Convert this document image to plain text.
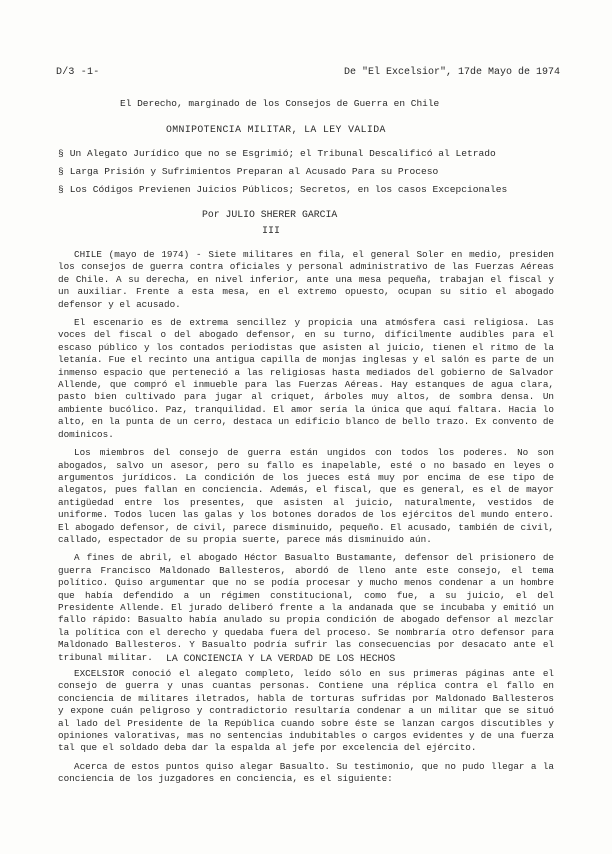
D/3 -1-	De "El Excelsior", 17de Mayo de 1974
El Derecho, marginado de los Consejos de Guerra en Chile
OMNIPOTENCIA MILITAR, LA LEY VALIDA
§ Un Alegato Jurídico que no se Esgrimió; el Tribunal Descalificó al Letrado
§ Larga Prisión y Sufrimientos Preparan al Acusado Para su Proceso
§ Los Códigos Previenen Juicios Públicos; Secretos, en los casos Excepcionales
Por JULIO SHERER GARCIA
III

CHILE (mayo de 1974) - Siete militares en fila, el general Soler en medio, presiden los consejos de guerra contra oficiales y personal administrativo de las Fuerzas Aéreas de Chile. A su derecha, en nivel inferior, ante una mesa pequeña, trabajan el fiscal y un auxiliar. Frente a esta mesa, en el extremo opuesto, ocupan su sitio el abogado defensor y el acusado.

El escenario es de extrema sencillez y propicia una atmósfera casi religiosa. Las voces del fiscal o del abogado defensor, en su turno, difícilmente audibles para el escaso público y los contados periodistas que asisten al juicio, tienen el ritmo de la letanía. Fue el recinto una antigua capilla de monjas inglesas y el salón es parte de un inmenso espacio que perteneció a las religiosas hasta mediados del gobierno de Salvador Allende, que compró el inmueble para las Fuerzas Aéreas. Hay estanques de agua clara, pasto bien cultivado para jugar al criquet, árboles muy altos, de sombra densa. Un ambiente bucólico. Paz, tranquilidad. El amor sería la única que aquí faltara. Hacia lo alto, en la punta de un cerro, destaca un edificio blanco de bello trazo. Ex convento de dominicos.

Los miembros del consejo de guerra están ungidos con todos los poderes. No son abogados, salvo un asesor, pero su fallo es inapelable, esté o no basado en leyes o argumentos jurídicos. La condición de los jueces está muy por encima de ese tipo de alegatos, pues fallan en conciencia. Además, el fiscal, que es general, es el de mayor antigüedad entre los presentes, que asisten al juicio, naturalmente, vestidos de uniforme. Todos lucen las galas y los botones dorados de los ejércitos del mundo entero. El abogado defensor, de civil, parece disminuido, pequeño. El acusado, también de civil, callado, espectador de su propia suerte, parece más disminuido aún.

A fines de abril, el abogado Héctor Basualto Bustamante, defensor del prisionero de guerra Francisco Maldonado Ballesteros, abordó de lleno ante este consejo, el tema político. Quiso argumentar que no se podía procesar y mucho menos condenar a un hombre que había defendido a un régimen constitucional, como fue, a su juicio, el del Presidente Allende. El jurado deliberó frente a la andanada que se incubaba y emitió un fallo rápido: Basualto había anulado su propia condición de abogado defensor al mezclar la política con el derecho y quedaba fuera del proceso. Se nombraría otro defensor para Maldonado Ballesteros. Y Basualto podría sufrir las consecuencias por desacato ante el tribunal militar.	LA CONCIENCIA Y LA VERDAD DE LOS HECHOS

EXCELSIOR conoció el alegato completo, leído sólo en sus primeras páginas ante el consejo de guerra y unas cuantas personas. Contiene una réplica contra el fallo en conciencia de militares iletrados, habla de torturas sufridas por Maldonado Ballesteros y expone cuán peligroso y contradictorio resultaría condenar a un militar que se situó al lado del Presidente de la República cuando sobre éste se lanzan cargos discutibles y opiniones valorativas, mas no sentencias indubitables o cargos evidentes y de una fuerza tal que el soldado deba dar la espalda al jefe por excelencia del ejército.

Acerca de estos puntos quiso alegar Basualto. Su testimonio, que no pudo llegar a la conciencia de los juzgadores en conciencia, es el siguiente:
